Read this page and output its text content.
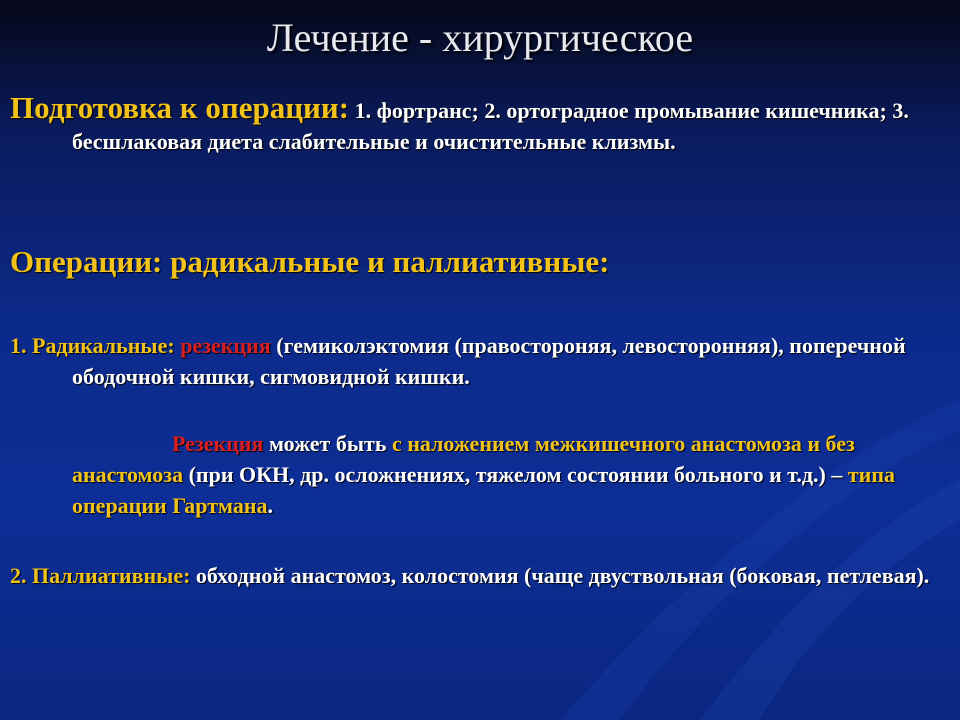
Лечение - хирургическое
Подготовка к операции: 1. фортранс; 2. ортоградное промывание кишечника; 3. бесшлаковая диета слабительные и очистительные клизмы.
Операции: радикальные и паллиативные:
1. Радикальные: резекция (гемиколэктомия (правостороняя, левосторонняя), поперечной ободочной кишки, сигмовидной кишки.
Резекция может быть с наложением межкишечного анастомоза и без анастомоза (при ОКН, др. осложнениях, тяжелом состоянии больного и т.д.) – типа операции Гартмана.
2. Паллиативные: обходной анастомоз, колостомия (чаще двуствольная (боковая, петлевая).
